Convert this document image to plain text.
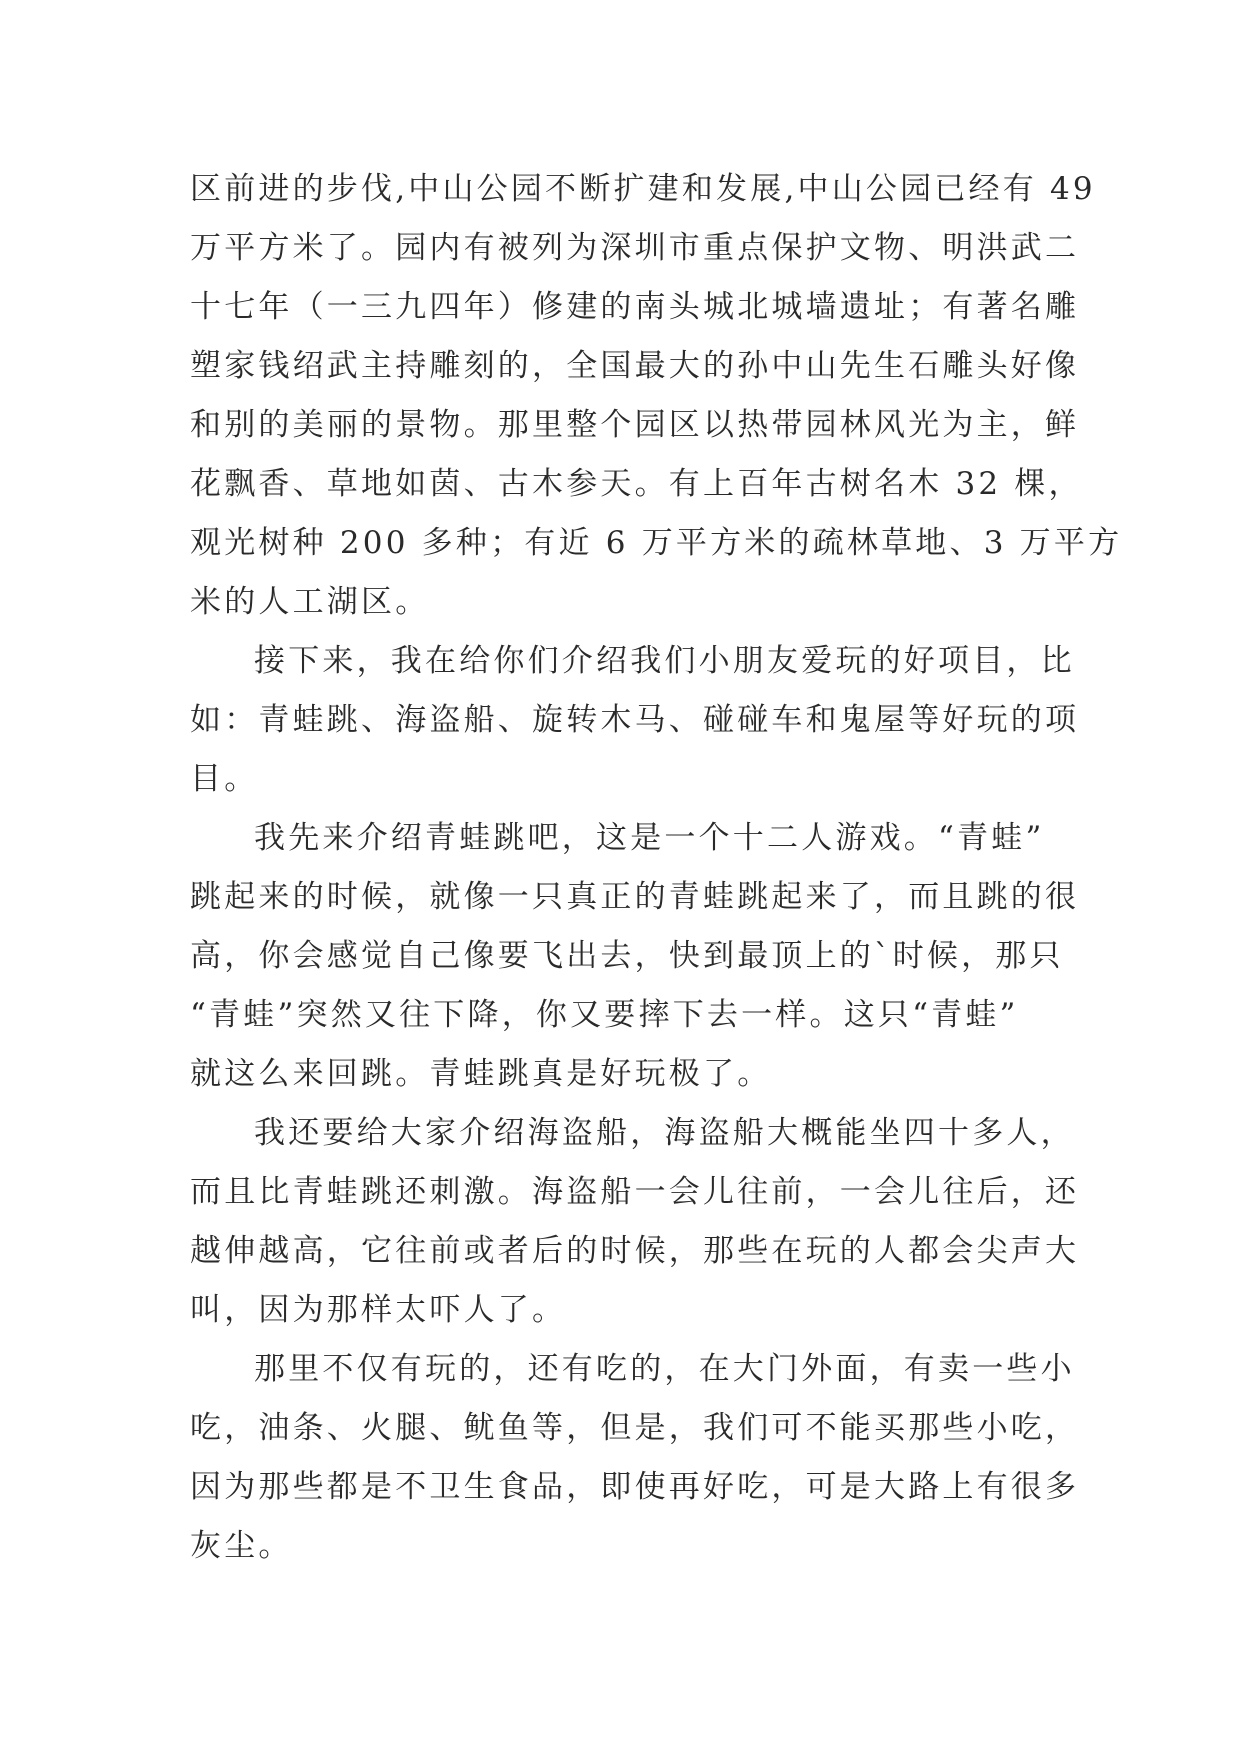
区前进的步伐,中山公园不断扩建和发展,中山公园已经有 49
万平方米了。园内有被列为深圳市重点保护文物、明洪武二
十七年（一三九四年）修建的南头城北城墙遗址；有著名雕
塑家钱绍武主持雕刻的，全国最大的孙中山先生石雕头好像
和别的美丽的景物。那里整个园区以热带园林风光为主，鲜
花飘香、草地如茵、古木参天。有上百年古树名木 32 棵，
观光树种 200 多种；有近 6 万平方米的疏林草地、3 万平方
米的人工湖区。
接下来，我在给你们介绍我们小朋友爱玩的好项目，比
如：青蛙跳、海盗船、旋转木马、碰碰车和鬼屋等好玩的项
目。
我先来介绍青蛙跳吧，这是一个十二人游戏。“青蛙”
跳起来的时候，就像一只真正的青蛙跳起来了，而且跳的很
高，你会感觉自己像要飞出去，快到最顶上的`时候，那只
“青蛙”突然又往下降，你又要摔下去一样。这只“青蛙”
就这么来回跳。青蛙跳真是好玩极了。
我还要给大家介绍海盗船，海盗船大概能坐四十多人，
而且比青蛙跳还刺激。海盗船一会儿往前，一会儿往后，还
越伸越高，它往前或者后的时候，那些在玩的人都会尖声大
叫，因为那样太吓人了。
那里不仅有玩的，还有吃的，在大门外面，有卖一些小
吃，油条、火腿、鱿鱼等，但是，我们可不能买那些小吃，
因为那些都是不卫生食品，即使再好吃，可是大路上有很多
灰尘。
